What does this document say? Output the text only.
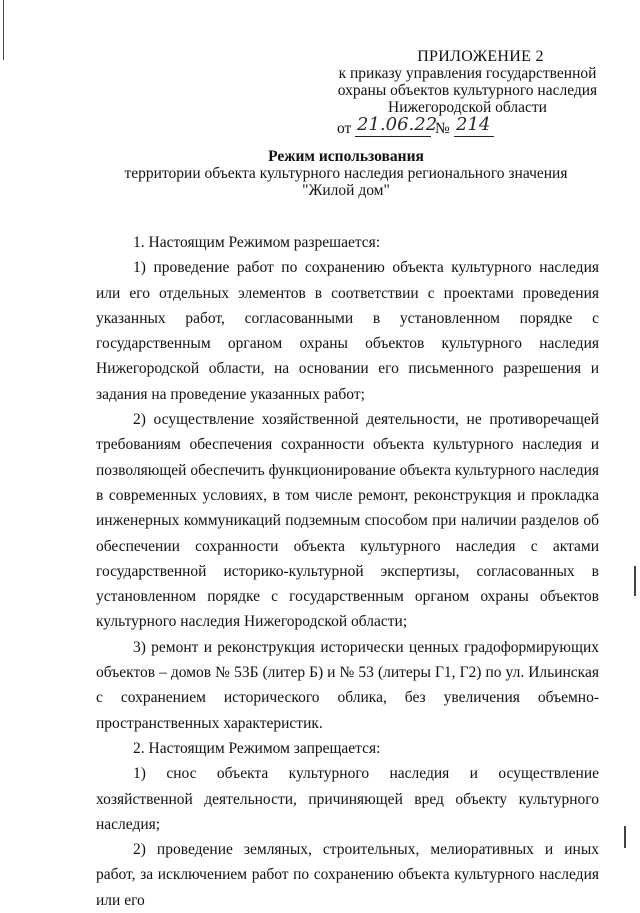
ПРИЛОЖЕНИЕ 2
к приказу управления государственной
охраны объектов культурного наследия
Нижегородской области
от 21.06.22
№ 214
Режим использования
территории объекта культурного наследия регионального значения
"Жилой дом"

1. Настоящим Режимом разрешается:

1) проведение работ по сохранению объекта культурного наследия или его отдельных элементов в соответствии с проектами проведения указанных работ, согласованными в установленном порядке с государственным органом охраны объектов культурного наследия Нижегородской области, на основании его письменного разрешения и задания на проведение указанных работ;

2) осуществление хозяйственной деятельности, не противоречащей требованиям обеспечения сохранности объекта культурного наследия и позволяющей обеспечить функционирование объекта культурного наследия в современных условиях, в том числе ремонт, реконструкция и прокладка инженерных коммуникаций подземным способом при наличии разделов об обеспечении сохранности объекта культурного наследия с актами государственной историко-культурной экспертизы, согласованных в установленном порядке с государственным органом охраны объектов культурного наследия Нижегородской области;

3) ремонт и реконструкция исторически ценных градоформирующих объектов – домов № 53Б (литер Б) и № 53 (литеры Г1, Г2) по ул. Ильинская с сохранением исторического облика, без увеличения объемно-пространственных характеристик.

2. Настоящим Режимом запрещается:

1) снос объекта культурного наследия и осуществление хозяйственной деятельности, причиняющей вред объекту культурного наследия;

2) проведение земляных, строительных, мелиоративных и иных работ, за исключением работ по сохранению объекта культурного наследия или его
